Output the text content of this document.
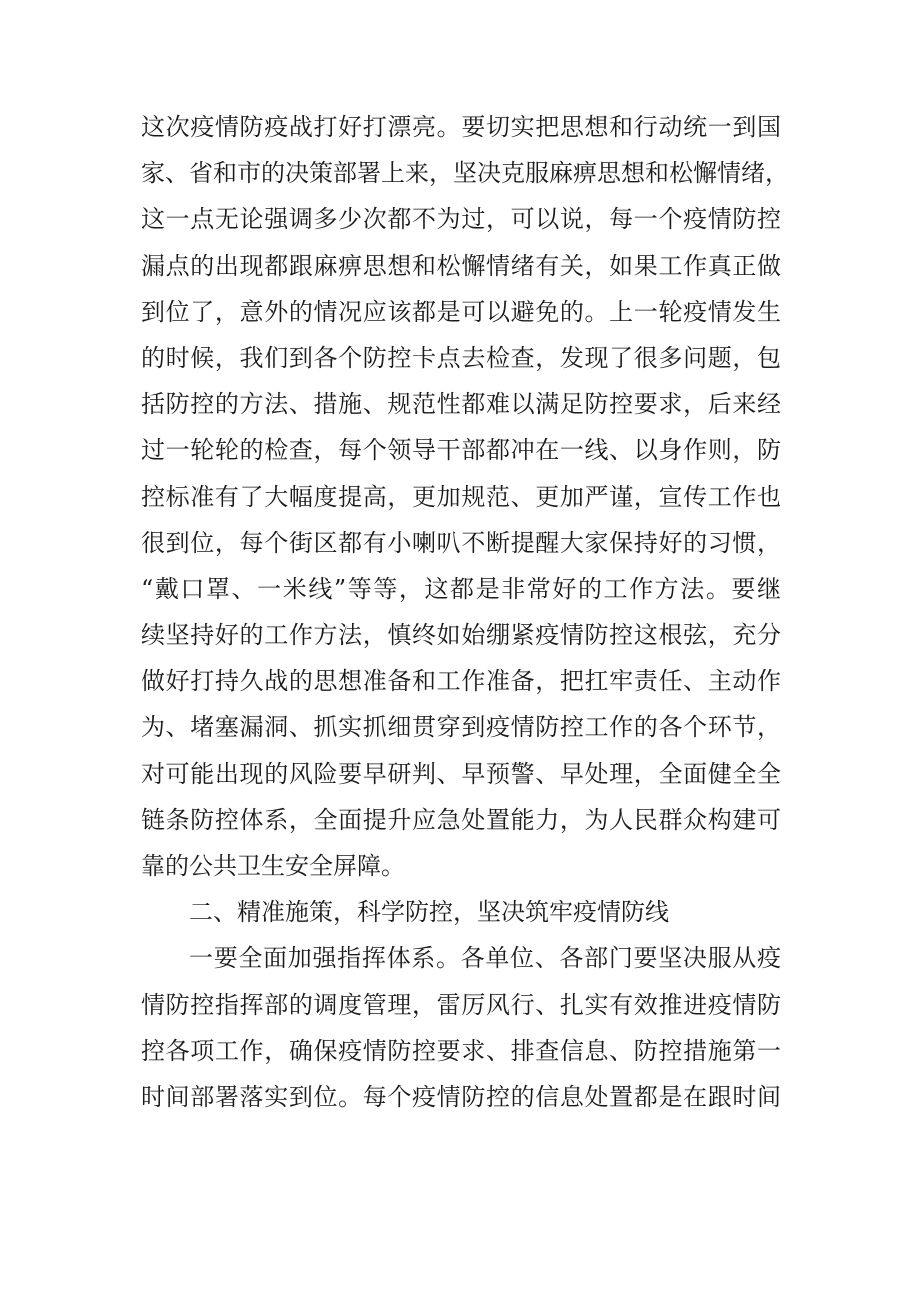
这次疫情防疫战打好打漂亮。要切实把思想和行动统一到国
家、省和市的决策部署上来，坚决克服麻痹思想和松懈情绪，
这一点无论强调多少次都不为过，可以说，每一个疫情防控
漏点的出现都跟麻痹思想和松懈情绪有关，如果工作真正做
到位了，意外的情况应该都是可以避免的。上一轮疫情发生
的时候，我们到各个防控卡点去检查，发现了很多问题，包
括防控的方法、措施、规范性都难以满足防控要求，后来经
过一轮轮的检查，每个领导干部都冲在一线、以身作则，防
控标准有了大幅度提高，更加规范、更加严谨，宣传工作也
很到位，每个街区都有小喇叭不断提醒大家保持好的习惯，
“戴口罩、一米线”等等，这都是非常好的工作方法。要继
续坚持好的工作方法，慎终如始绷紧疫情防控这根弦，充分
做好打持久战的思想准备和工作准备，把扛牢责任、主动作
为、堵塞漏洞、抓实抓细贯穿到疫情防控工作的各个环节，
对可能出现的风险要早研判、早预警、早处理，全面健全全
链条防控体系，全面提升应急处置能力，为人民群众构建可
靠的公共卫生安全屏障。
二、精准施策，科学防控，坚决筑牢疫情防线
一要全面加强指挥体系。各单位、各部门要坚决服从疫
情防控指挥部的调度管理，雷厉风行、扎实有效推进疫情防
控各项工作，确保疫情防控要求、排查信息、防控措施第一
时间部署落实到位。每个疫情防控的信息处置都是在跟时间
